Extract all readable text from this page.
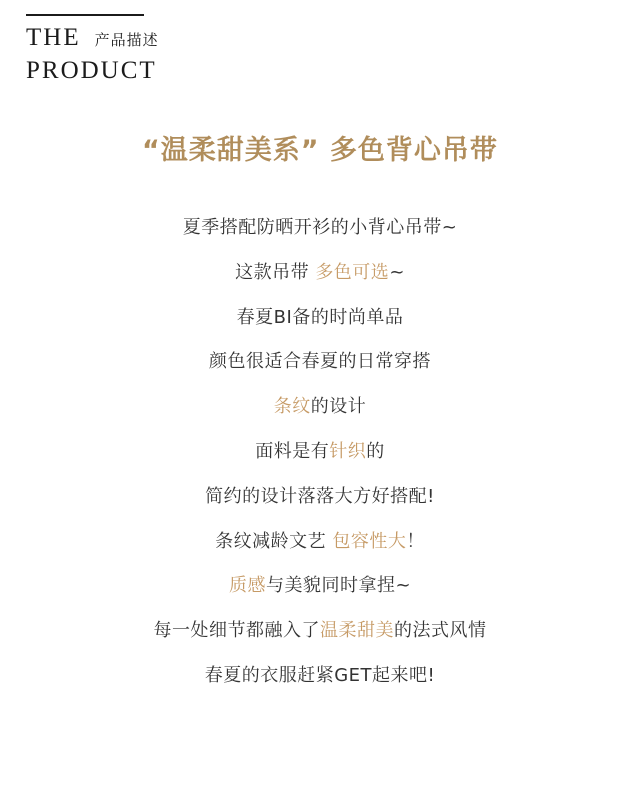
THE 产品描述
PRODUCT
“温柔甜美系” 多色背心吊带
夏季搭配防晒开衫的小背心吊带~
这款吊带 多色可选~
春夏BI备的时尚单品
颜色很适合春夏的日常穿搭
条纹的设计
面料是有针织的
简约的设计落落大方好搭配!
条纹减龄文艺 包容性大！
质感与美貌同时拿捏~
每一处细节都融入了温柔甜美的法式风情
春夏的衣服赶紧GET起来吧!
